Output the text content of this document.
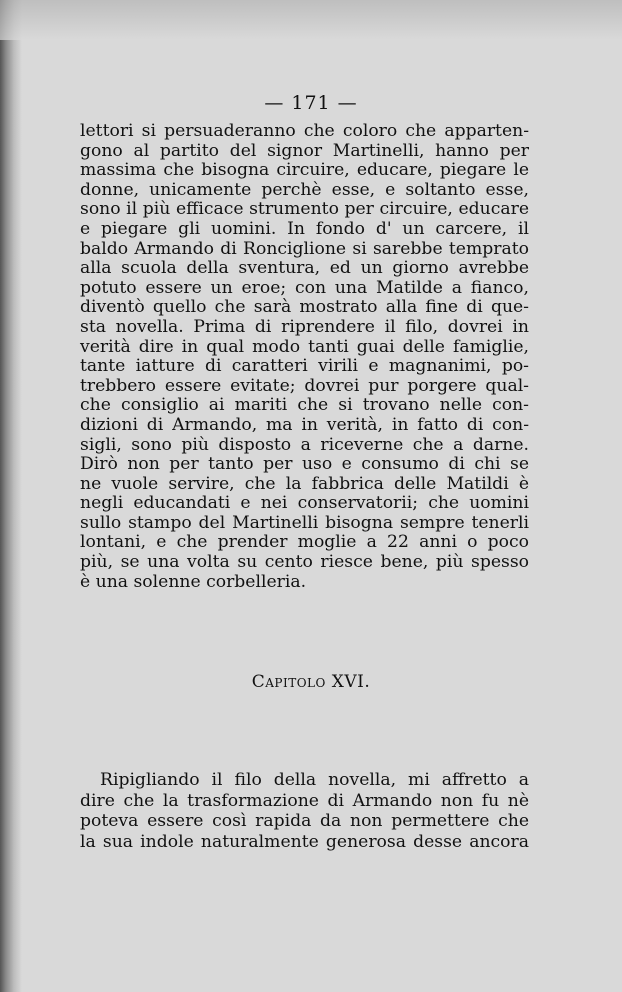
— 171 —
lettori si persuaderanno che coloro che apparten-
gono al partito del signor Martinelli, hanno per
massima che bisogna circuire, educare, piegare le
donne, unicamente perchè esse, e soltanto esse,
sono il più efficace strumento per circuire, educare
e piegare gli uomini. In fondo d' un carcere, il
baldo Armando di Ronciglione si sarebbe temprato
alla scuola della sventura, ed un giorno avrebbe
potuto essere un eroe; con una Matilde a fianco,
diventò quello che sarà mostrato alla fine di que-
sta novella. Prima di riprendere il filo, dovrei in
verità dire in qual modo tanti guai delle famiglie,
tante iatture di caratteri virili e magnanimi, po-
trebbero essere evitate; dovrei pur porgere qual-
che consiglio ai mariti che si trovano nelle con-
dizioni di Armando, ma in verità, in fatto di con-
sigli, sono più disposto a riceverne che a darne.
Dirò non per tanto per uso e consumo di chi se
ne vuole servire, che la fabbrica delle Matildi è
negli educandati e nei conservatorii; che uomini
sullo stampo del Martinelli bisogna sempre tenerli
lontani, e che prender moglie a 22 anni o poco
più, se una volta su cento riesce bene, più spesso
è una solenne corbelleria.
Capitolo XVI.
Ripigliando il filo della novella, mi affretto a
dire che la trasformazione di Armando non fu nè
poteva essere così rapida da non permettere che
la sua indole naturalmente generosa desse ancora
